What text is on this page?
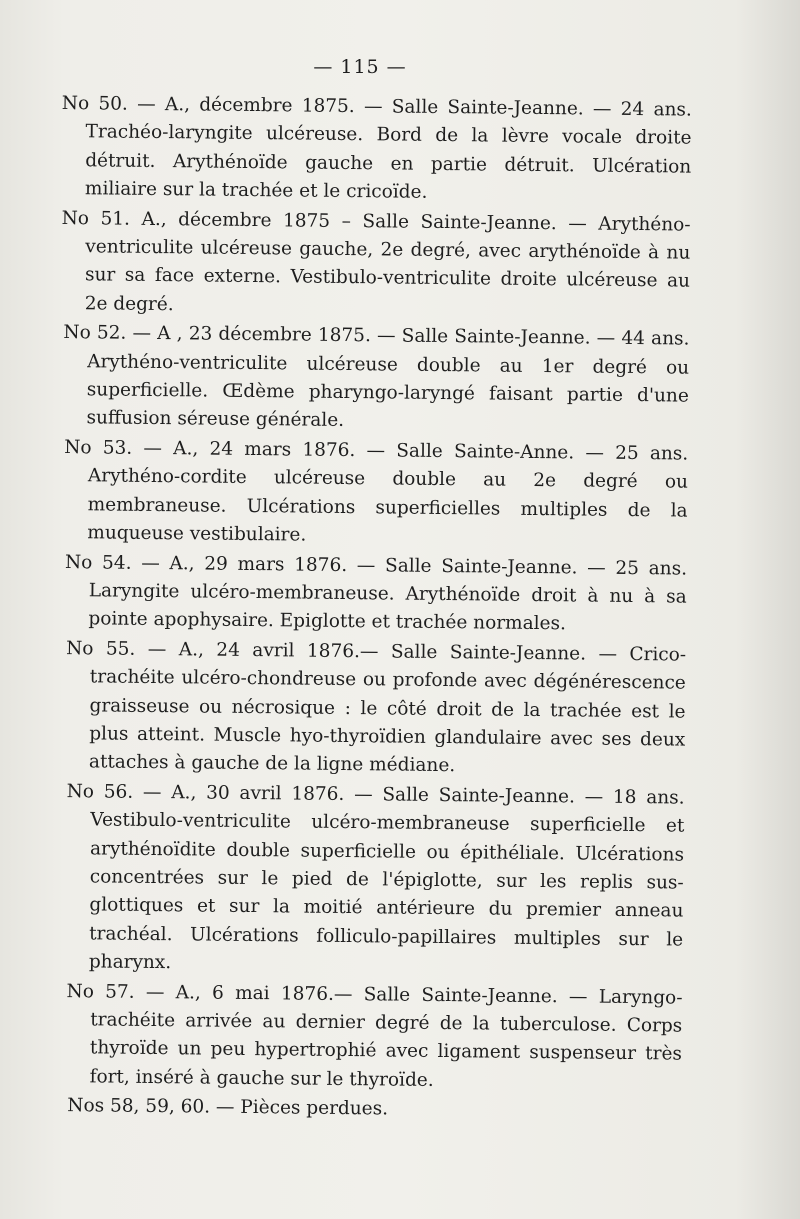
— 115 —

No 50. — A., décembre 1875. — Salle Sainte-Jeanne. — 24 ans. Trachéo-laryngite ulcéreuse. Bord de la lèvre vocale droite détruit. Arythénoïde gauche en partie détruit. Ulcération miliaire sur la trachée et le cricoïde.

No 51. A., décembre 1875 – Salle Sainte-Jeanne. — Arythéno-ventriculite ulcéreuse gauche, 2e degré, avec arythénoïde à nu sur sa face externe. Vestibulo-ventriculite droite ulcéreuse au 2e degré.

No 52. — A , 23 décembre 1875. — Salle Sainte-Jeanne. — 44 ans. Arythéno-ventriculite ulcéreuse double au 1er degré ou superficielle. Œdème pharyngo-laryngé faisant partie d'une suffusion séreuse générale.

No 53. — A., 24 mars 1876. — Salle Sainte-Anne. — 25 ans. Arythéno-cordite ulcéreuse double au 2e degré ou membraneuse. Ulcérations superficielles multiples de la muqueuse vestibulaire.

No 54. — A., 29 mars 1876. — Salle Sainte-Jeanne. — 25 ans. Laryngite ulcéro-membraneuse. Arythénoïde droit à nu à sa pointe apophysaire. Epiglotte et trachée normales.

No 55. — A., 24 avril 1876.— Salle Sainte-Jeanne. — Crico-trachéite ulcéro-chondreuse ou profonde avec dégénérescence graisseuse ou nécrosique : le côté droit de la trachée est le plus atteint. Muscle hyo-thyroïdien glandulaire avec ses deux attaches à gauche de la ligne médiane.

No 56. — A., 30 avril 1876. — Salle Sainte-Jeanne. — 18 ans. Vestibulo-ventriculite ulcéro-membraneuse superficielle et arythénoïdite double superficielle ou épithéliale. Ulcérations concentrées sur le pied de l'épiglotte, sur les replis sus-glottiques et sur la moitié antérieure du premier anneau trachéal. Ulcérations folliculo-papillaires multiples sur le pharynx.

No 57. — A., 6 mai 1876.— Salle Sainte-Jeanne. — Laryngo-trachéite arrivée au dernier degré de la tuberculose. Corps thyroïde un peu hypertrophié avec ligament suspenseur très fort, inséré à gauche sur le thyroïde.

Nos 58, 59, 60. — Pièces perdues.
